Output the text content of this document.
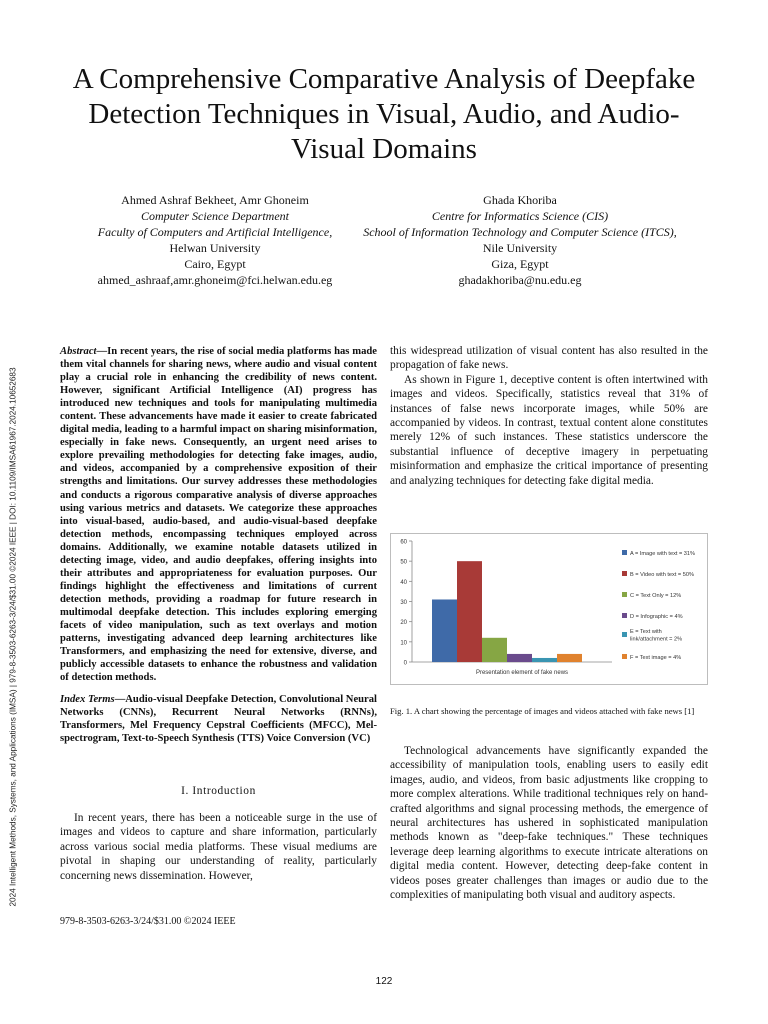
2024 Intelligent Methods, Systems, and Applications (IMSA) | 979-8-3503-6263-3/24/$31.00 ©2024 IEEE | DOI: 10.1109/IMSA61967.2024.10652683
A Comprehensive Comparative Analysis of Deepfake Detection Techniques in Visual, Audio, and Audio-Visual Domains
Ahmed Ashraf Bekheet, Amr Ghoneim
Computer Science Department
Faculty of Computers and Artificial Intelligence,
Helwan University
Cairo, Egypt
ahmed_ashraaf,amr.ghoneim@fci.helwan.edu.eg
Ghada Khoriba
Centre for Informatics Science (CIS)
School of Information Technology and Computer Science (ITCS),
Nile University
Giza, Egypt
ghadakhoriba@nu.edu.eg
Abstract—In recent years, the rise of social media platforms has made them vital channels for sharing news, where audio and visual content play a crucial role in enhancing the credibility of news content. However, significant Artificial Intelligence (AI) progress has introduced new techniques and tools for manipulating multimedia content. These advancements have made it easier to create fabricated digital media, leading to a harmful impact on sharing misinformation, especially in fake news. Consequently, an urgent need arises to explore prevailing methodologies for detecting fake images, audio, and videos, accompanied by a comprehensive exposition of their strengths and limitations. Our survey addresses these methodologies and conducts a rigorous comparative analysis of diverse approaches using various metrics and datasets. We categorize these approaches into visual-based, audio-based, and audio-visual-based deepfake detection methods, encompassing techniques employed across domains. Additionally, we examine notable datasets utilized in detecting image, video, and audio deepfakes, offering insights into their attributes and appropriateness for evaluation purposes. Our findings highlight the effectiveness and limitations of current detection methods, providing a roadmap for future research in multimodal deepfake detection. This includes exploring emerging facets of video manipulation, such as text overlays and motion patterns, investigating advanced deep learning architectures like Transformers, and emphasizing the need for extensive, diverse, and publicly accessible datasets to enhance the robustness and validation of detection methods.
Index Terms—Audio-visual Deepfake Detection, Convolutional Neural Networks (CNNs), Recurrent Neural Networks (RNNs), Transformers, Mel Frequency Cepstral Coefficients (MFCC), Mel-spectrogram, Text-to-Speech Synthesis (TTS) Voice Conversion (VC)
I. Introduction
In recent years, there has been a noticeable surge in the use of images and videos to capture and share information, particularly across various social media platforms. These visual mediums are pivotal in shaping our understanding of reality, particularly concerning news dissemination. However,
979-8-3503-6263-3/24/$31.00 ©2024 IEEE

this widespread utilization of visual content has also resulted in the propagation of fake news.

As shown in Figure 1, deceptive content is often intertwined with images and videos. Specifically, statistics reveal that 31% of instances of false news incorporate images, while 50% are accompanied by videos. In contrast, textual content alone constitutes merely 12% of such instances. These statistics underscore the substantial influence of deceptive imagery in perpetuating misinformation and emphasize the critical importance of presenting and analyzing techniques for detecting fake digital media.

0
10
20
30
40
50
60
Presentation element of fake news
A = Image with text = 31%
B = Video with text = 50%
C = Text Only = 12%
D = Infographic = 4%
E = Text with link/attachment = 2%
F = Text image = 4%
Fig. 1. A chart showing the percentage of images and videos attached with fake news [1]
Technological advancements have significantly expanded the accessibility of manipulation tools, enabling users to easily edit images, audio, and videos, from basic adjustments like cropping to more complex alterations. While traditional techniques rely on hand-crafted algorithms and signal processing methods, the emergence of neural architectures has ushered in sophisticated manipulation methods known as "deep-fake techniques." These techniques leverage deep learning algorithms to execute intricate alterations on digital media content. However, detecting deep-fake content in videos poses greater challenges than images or audio due to the complexities of manipulating both visual and auditory aspects.
122
